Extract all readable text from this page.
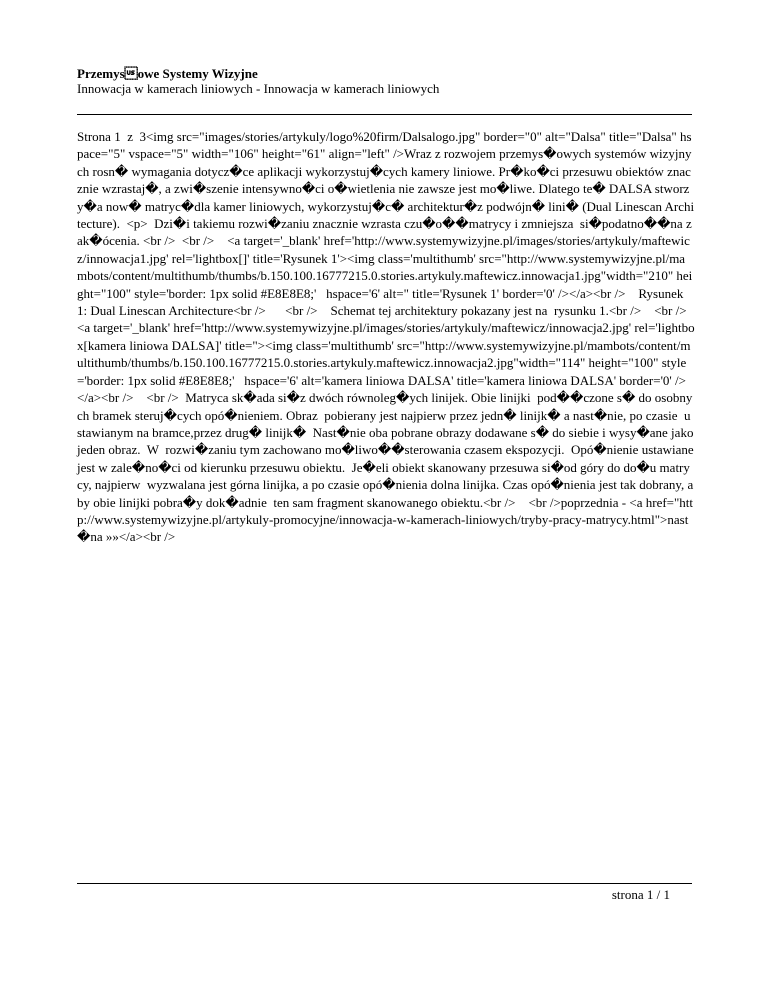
Przemysowe Systemy Wizyjne

Innowacja w kamerach liniowych - Innowacja w kamerach liniowych

Strona 1  z  3<img src="images/stories/artykuly/logo%20firm/Dalsalogo.jpg" border="0" alt="Dalsa" title="Dalsa" hspace="5" vspace="5" width="106" height="61" align="left" />Wraz z rozwojem przemys�owych systemów wizyjnych rosn� wymagania dotycz�ce aplikacji wykorzystuj�cych kamery liniowe. Pr�ko�ci przesuwu obiektów znacznie wzrastaj�, a zwi�szenie intensywno�ci o�wietlenia nie zawsze jest mo�liwe. Dlatego te� DALSA stworzy�a now� matryc�dla kamer liniowych, wykorzystuj�c� architektur�z podwójn� lini� (Dual Linescan Architecture).  <p>  Dzi�i takiemu rozwi�zaniu znacznie wzrasta czu�o��matrycy i zmniejsza  si�podatno��na zak�ócenia. <br />  <br />    <a target='_blank' href='http://www.systemywizyjne.pl/images/stories/artykuly/maftewicz/innowacja1.jpg' rel='lightbox[]' title='Rysunek 1'><img class='multithumb' src="http://www.systemywizyjne.pl/mambots/content/multithumb/thumbs/b.150.100.16777215.0.stories.artykuly.maftewicz.innowacja1.jpg"width="210" height="100" style='border: 1px solid #E8E8E8;'   hspace='6' alt=" title='Rysunek 1' border='0' /></a><br />    Rysunek 1: Dual Linescan Architecture<br />      <br />    Schemat tej architektury pokazany jest na  rysunku 1.<br />    <br />    <a target='_blank' href='http://www.systemywizyjne.pl/images/stories/artykuly/maftewicz/innowacja2.jpg' rel='lightbox[kamera liniowa DALSA]' title="><img class='multithumb' src="http://www.systemywizyjne.pl/mambots/content/multithumb/thumbs/b.150.100.16777215.0.stories.artykuly.maftewicz.innowacja2.jpg"width="114" height="100" style='border: 1px solid #E8E8E8;'   hspace='6' alt='kamera liniowa DALSA' title='kamera liniowa DALSA' border='0' /></a><br />    <br />  Matryca sk�ada si�z dwóch równoleg�ych linijek. Obie linijki  pod��czone s� do osobnych bramek steruj�cych opó�nieniem. Obraz  pobierany jest najpierw przez jedn� linijk� a nast�nie, po czasie  ustawianym na bramce,przez drug� linijk�  Nast�nie oba pobrane obrazy dodawane s� do siebie i wysy�ane jako jeden obraz.  W  rozwi�zaniu tym zachowano mo�liwo��sterowania czasem ekspozycji.  Opó�nienie ustawiane jest w zale�no�ci od kierunku przesuwu obiektu.  Je�eli obiekt skanowany przesuwa si�od góry do do�u matrycy, najpierw  wyzwalana jest górna linijka, a po czasie opó�nienia dolna linijka. Czas opó�nienia jest tak dobrany, aby obie linijki pobra�y dok�adnie  ten sam fragment skanowanego obiektu.<br />    <br />poprzednia - <a href="http://www.systemywizyjne.pl/artykuly-promocyjne/innowacja-w-kamerach-liniowych/tryby-pracy-matrycy.html">nast�na »»</a><br />

strona 1 / 1
